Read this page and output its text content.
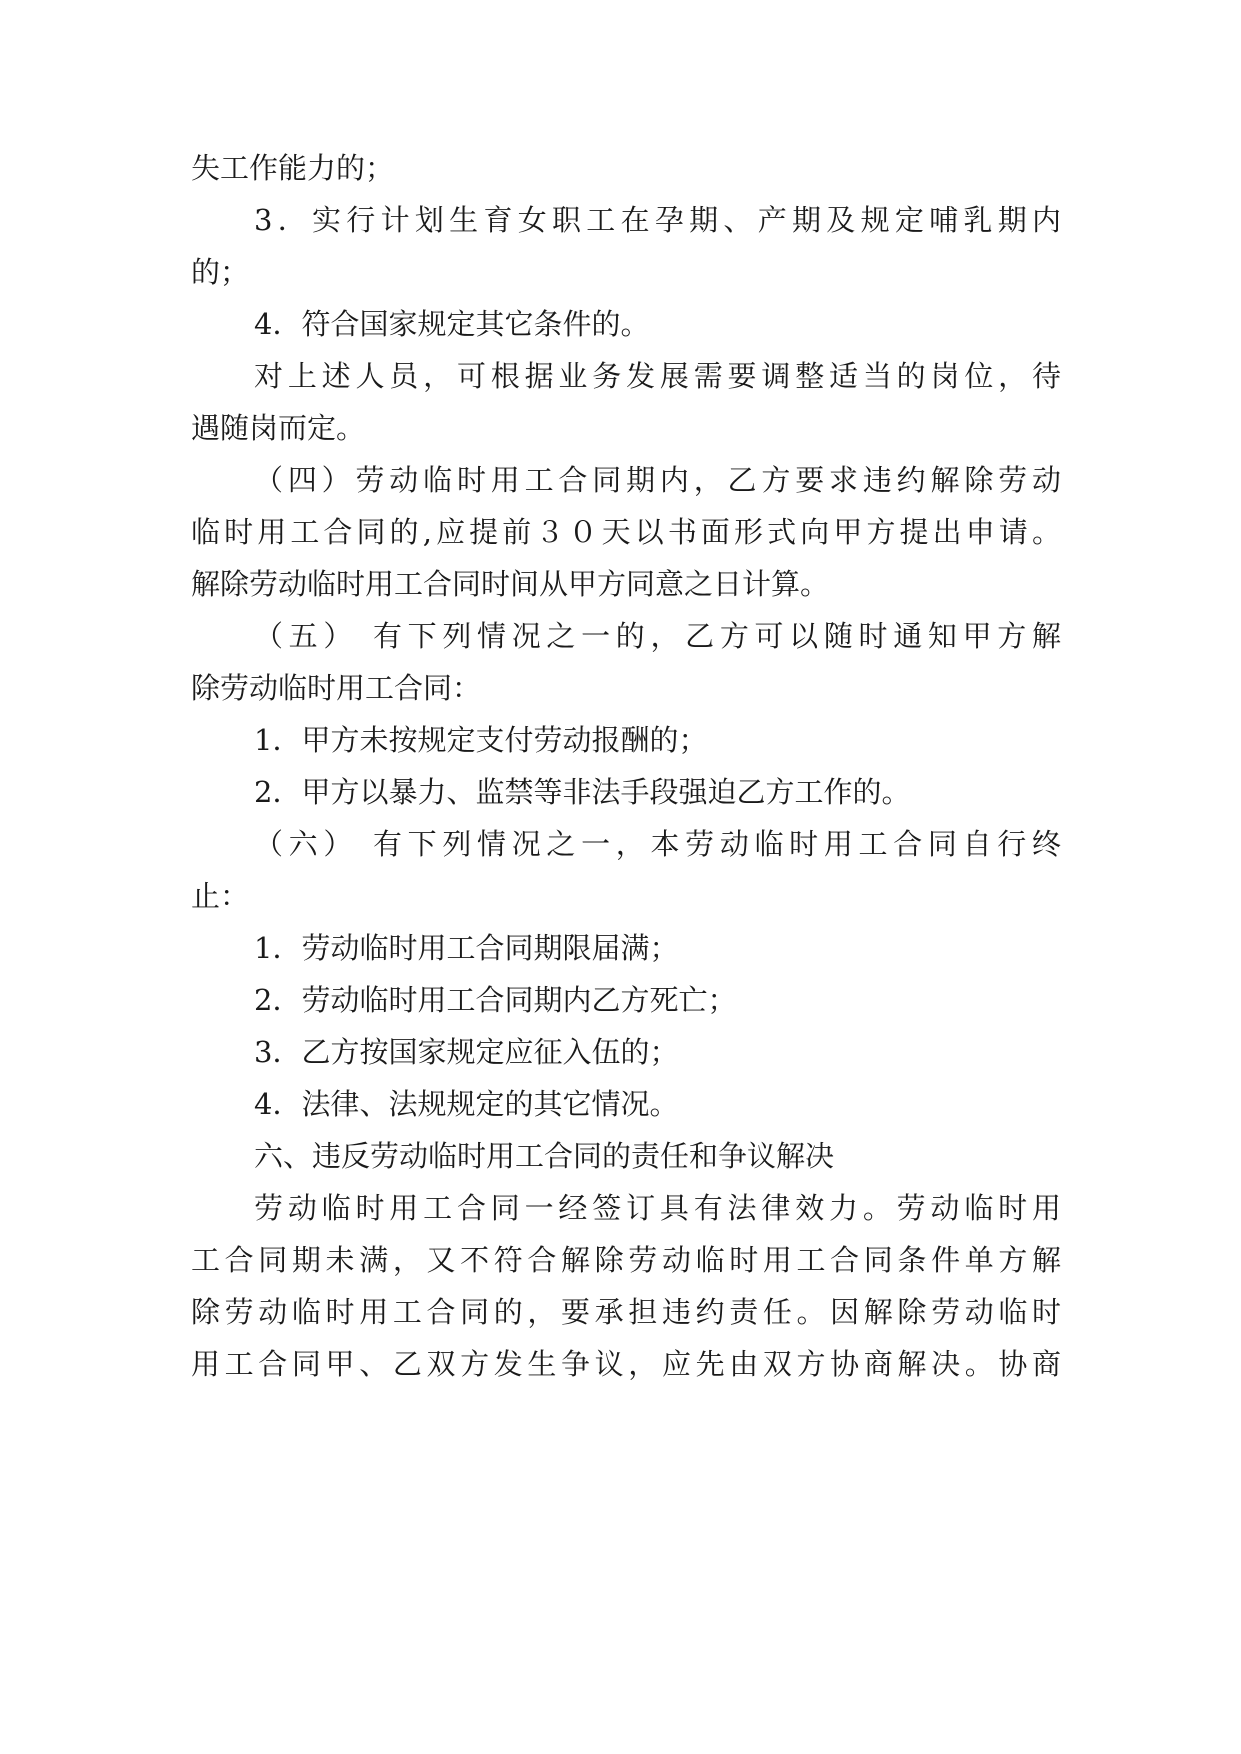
失工作能力的；
3．实行计划生育女职工在孕期、产期及规定哺乳期内
的；
4．符合国家规定其它条件的。
对上述人员，可根据业务发展需要调整适当的岗位，待
遇随岗而定。
（四）劳动临时用工合同期内，乙方要求违约解除劳动
临时用工合同的,应提前３０天以书面形式向甲方提出申请。
解除劳动临时用工合同时间从甲方同意之日计算。
（五） 有下列情况之一的，乙方可以随时通知甲方解
除劳动临时用工合同：
1．甲方未按规定支付劳动报酬的；
2．甲方以暴力、监禁等非法手段强迫乙方工作的。
（六） 有下列情况之一，本劳动临时用工合同自行终
止：
1．劳动临时用工合同期限届满；
2．劳动临时用工合同期内乙方死亡；
3．乙方按国家规定应征入伍的；
4．法律、法规规定的其它情况。
六、违反劳动临时用工合同的责任和争议解决
劳动临时用工合同一经签订具有法律效力。劳动临时用
工合同期未满，又不符合解除劳动临时用工合同条件单方解
除劳动临时用工合同的，要承担违约责任。因解除劳动临时
用工合同甲、乙双方发生争议，应先由双方协商解决。协商
